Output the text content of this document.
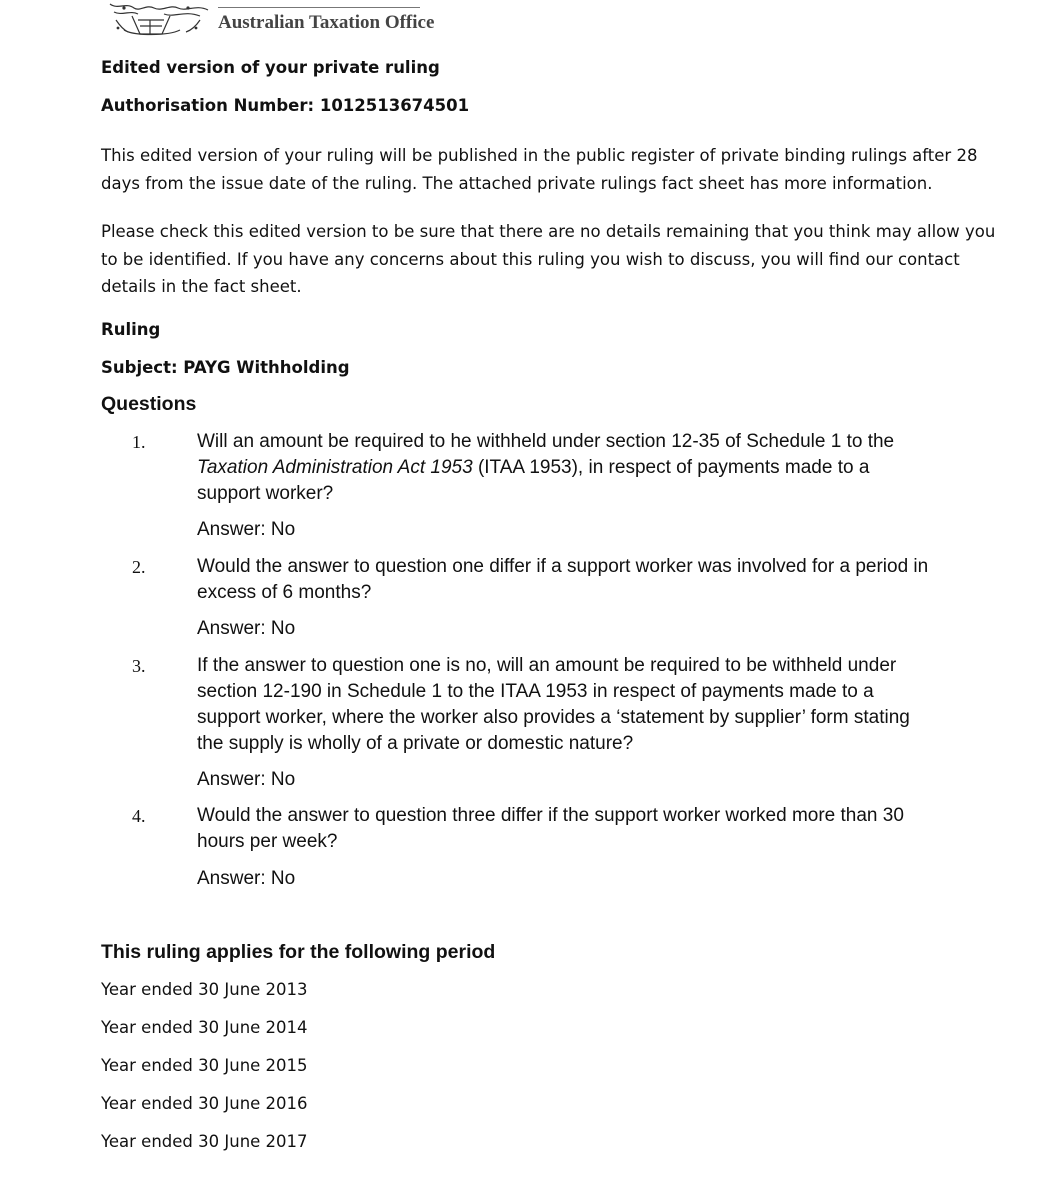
Australian Taxation Office
Edited version of your private ruling
Authorisation Number: 1012513674501
This edited version of your ruling will be published in the public register of private binding rulings after 28
days from the issue date of the ruling. The attached private rulings fact sheet has more information.
Please check this edited version to be sure that there are no details remaining that you think may allow you
to be identified. If you have any concerns about this ruling you wish to discuss, you will find our contact
details in the fact sheet.
Ruling
Subject: PAYG Withholding
Questions
1.	Will an amount be required to he withheld under section 12-35 of Schedule 1 to the
Taxation Administration Act 1953 (ITAA 1953), in respect of payments made to a
support worker?
Answer: No
2.	Would the answer to question one differ if a support worker was involved for a period in
excess of 6 months?
Answer: No
3.	If the answer to question one is no, will an amount be required to be withheld under
section 12-190 in Schedule 1 to the ITAA 1953 in respect of payments made to a
support worker, where the worker also provides a ‘statement by supplier’ form stating
the supply is wholly of a private or domestic nature?
Answer: No
4.	Would the answer to question three differ if the support worker worked more than 30
hours per week?
Answer: No
This ruling applies for the following period
Year ended 30 June 2013
Year ended 30 June 2014
Year ended 30 June 2015
Year ended 30 June 2016
Year ended 30 June 2017
